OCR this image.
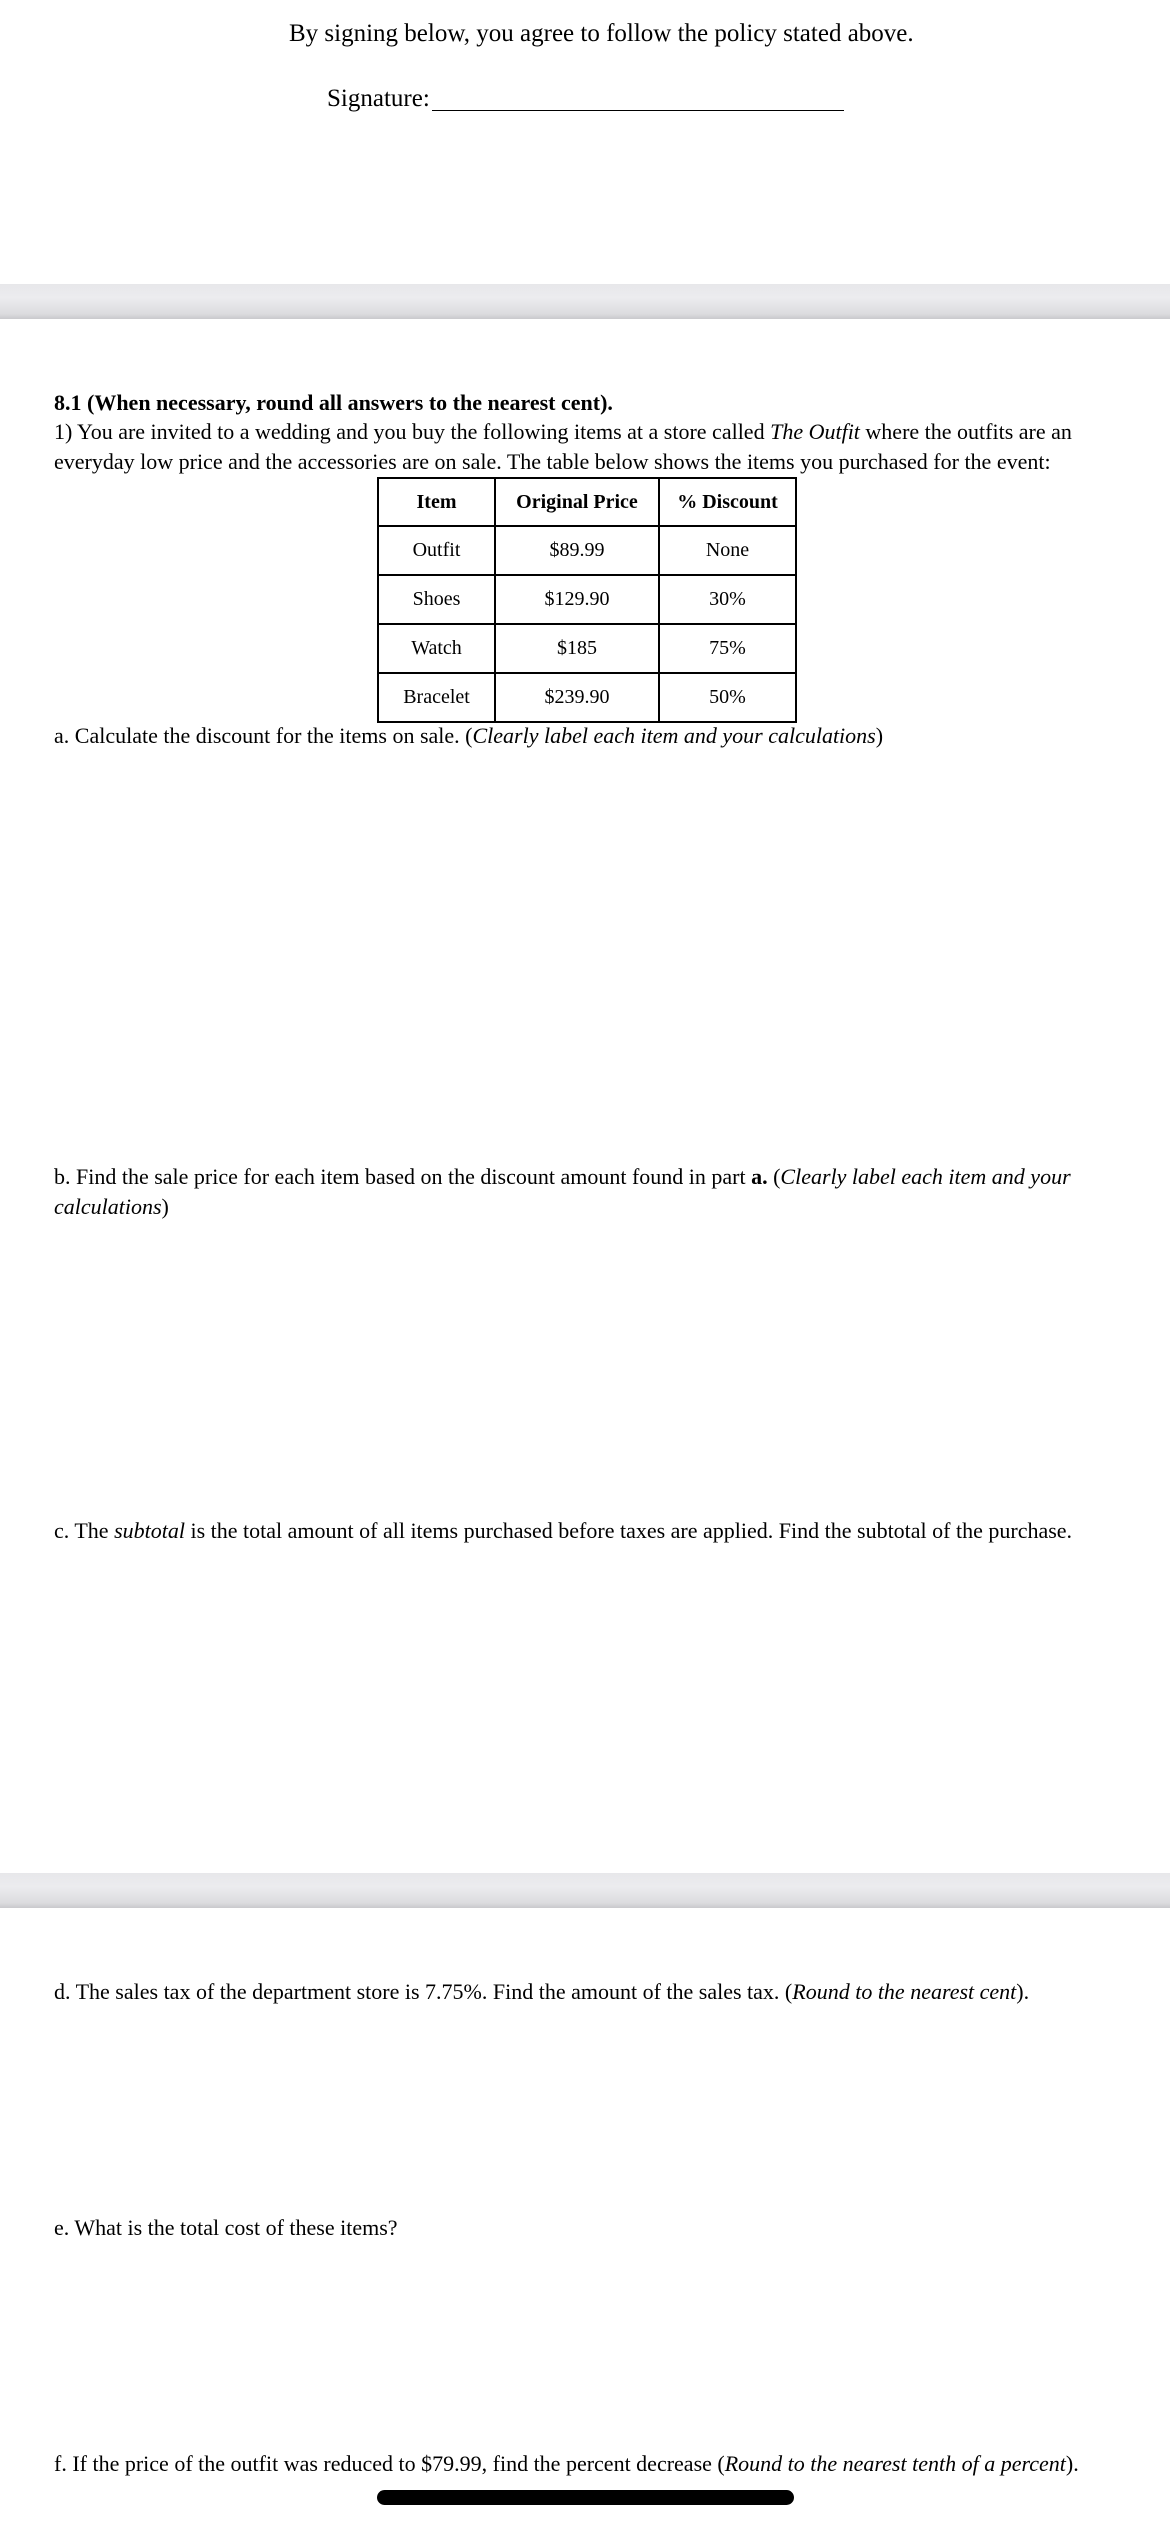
By signing below, you agree to follow the policy stated above.
Signature:
8.1 (When necessary, round all answers to the nearest cent).
1) You are invited to a wedding and you buy the following items at a store called The Outfit where the outfits are an
everyday low price and the accessories are on sale. The table below shows the items you purchased for the event:
Item	Original Price	% Discount
Outfit	$89.99	None
Shoes	$129.90	30%
Watch	$185	75%
Bracelet	$239.90	50%
a. Calculate the discount for the items on sale. (Clearly label each item and your calculations)
b. Find the sale price for each item based on the discount amount found in part a. (Clearly label each item and your
calculations)
c. The subtotal is the total amount of all items purchased before taxes are applied. Find the subtotal of the purchase.
d. The sales tax of the department store is 7.75%. Find the amount of the sales tax. (Round to the nearest cent).
e. What is the total cost of these items?
f. If the price of the outfit was reduced to $79.99, find the percent decrease (Round to the nearest tenth of a percent).
